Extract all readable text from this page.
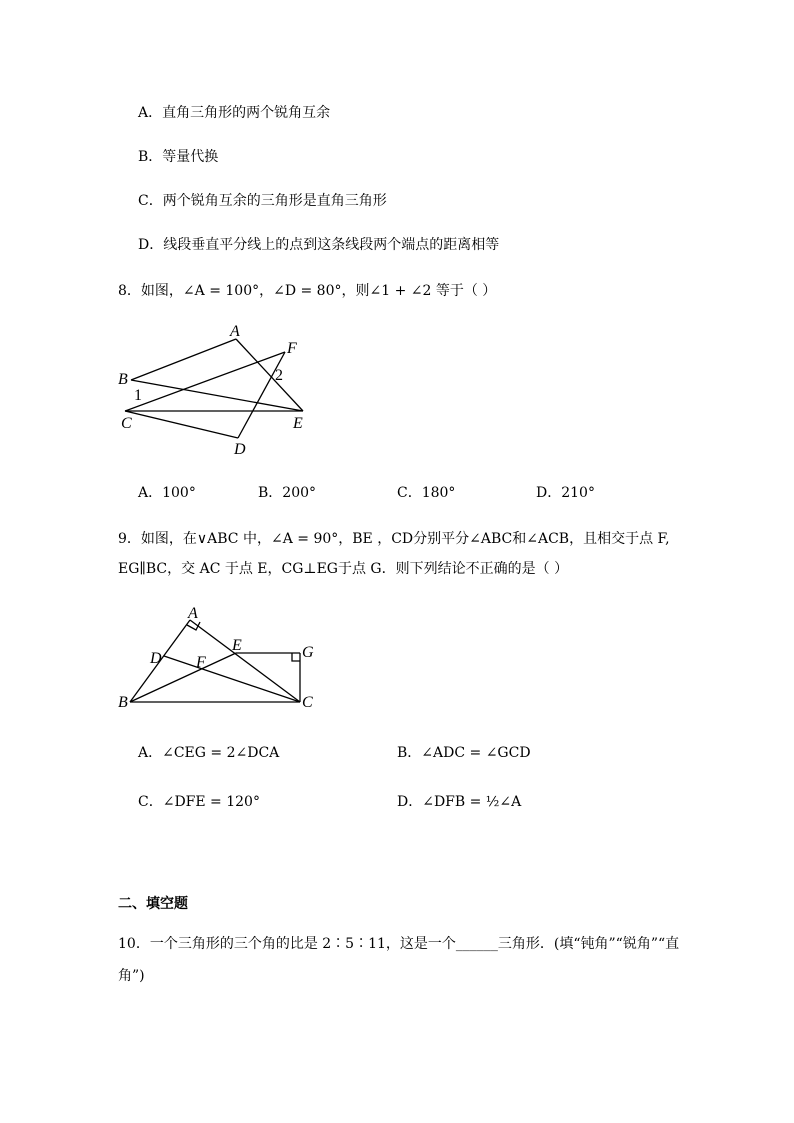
A．直角三角形的两个锐角互余
B．等量代换
C．两个锐角互余的三角形是直角三角形
D．线段垂直平分线上的点到这条线段两个端点的距离相等
8．如图，∠A = 100°，∠D = 80°，则∠1 + ∠2 等于（ ）
A
F
2
B
1
C	E
D
A．100°	B．200°	C．180°	D．210°
9．如图，在∨ABC 中，∠A = 90°，BE ，CD分别平分∠ABC和∠ACB，且相交于点 F,
EG∥BC，交 AC 于点 E，CG⊥EG于点 G．则下列结论不正确的是（ ）
A
E	G
D F
B	C
A．∠CEG = 2∠DCA	B．∠ADC = ∠GCD
C．∠DFE = 120°	D．∠DFB = ½∠A
二、填空题
10．一个三角形的三个角的比是 2∶5∶11，这是一个______三角形．(填“钝角”“锐角”“直
角”)
